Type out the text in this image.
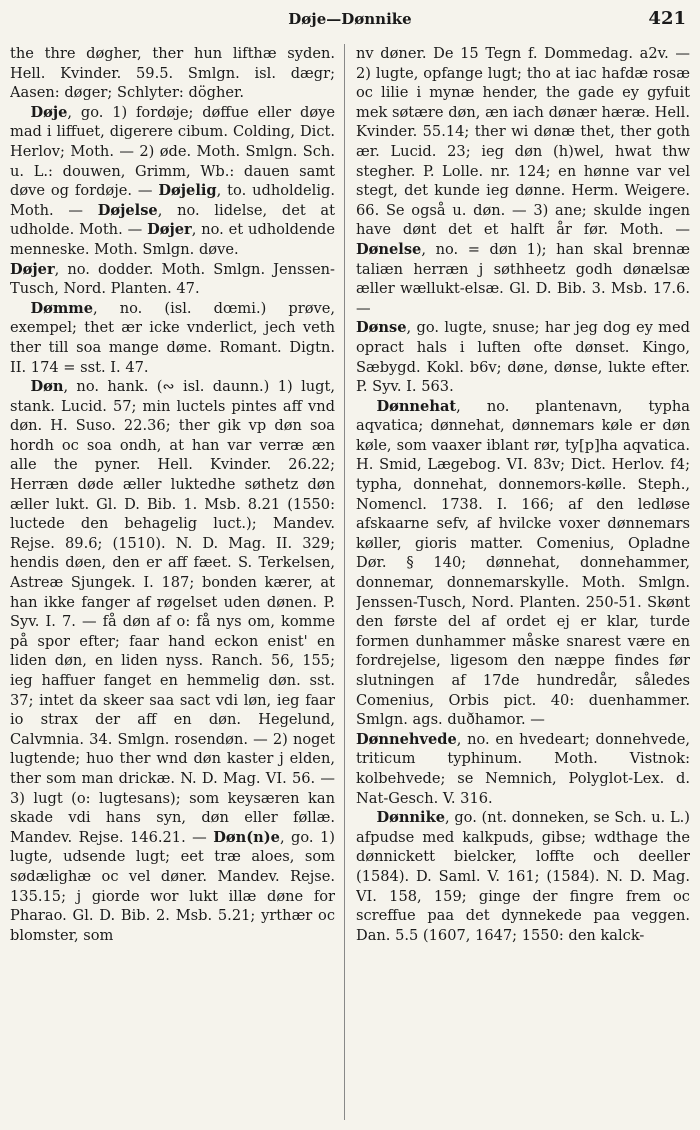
Døje—Dønnike	421

the thre døgher, ther hun lifthæ syden. Hell. Kvinder. 59.5. Smlgn. isl. dægr; Aasen: døger; Schlyter: dögher.

Døje, go. 1) fordøje; døffue eller døye mad i liffuet, digerere cibum. Colding, Dict. Herlov; Moth. — 2) øde. Moth. Smlgn. Sch. u. L.: douwen, Grimm, Wb.: dauen samt døve og fordøje. — Døjelig, to. udholdelig. Moth. — Døjelse, no. lidelse, det at udholde. Moth. — Døjer, no. et udholdende menneske. Moth. Smlgn. døve.

Døjer, no. dodder. Moth. Smlgn. Jenssen-Tusch, Nord. Planten. 47.

Dømme, no. (isl. dœmi.) prøve, exempel; thet ær icke vnderlict, jech veth ther till soa mange døme. Romant. Digtn. II. 174 = sst. I. 47.

Døn, no. hank. (∾ isl. daunn.) 1) lugt, stank. Lucid. 57; min luctels pintes aff vnd døn. H. Suso. 22.36; ther gik vp døn soa hordh oc soa ondh, at han var verræ æn alle the pyner. Hell. Kvinder. 26.22; Herræn døde æller luktedhe søthetz døn æller lukt. Gl. D. Bib. 1. Msb. 8.21 (1550: luctede den behagelig luct.); Mandev. Rejse. 89.6; (1510). N. D. Mag. II. 329; hendis døen, den er aff fæet. S. Terkelsen, Astreæ Sjungek. I. 187; bonden kærer, at han ikke fanger af røgelset uden dønen. P. Syv. I. 7. — få døn af o: få nys om, komme på spor efter; faar hand eckon enist' en liden døn, en liden nyss. Ranch. 56, 155; ieg haffuer fanget en hemmelig døn. sst. 37; intet da skeer saa sact vdi løn, ieg faar io strax der aff en døn. Hegelund, Calvmnia. 34. Smlgn. rosendøn. — 2) noget lugtende; huo ther wnd døn kaster j elden, ther som man drickæ. N. D. Mag. VI. 56. — 3) lugt (o: lugtesans); som keysæren kan skade vdi hans syn, døn eller føllæ. Mandev. Rejse. 146.21. — Døn(n)e, go. 1) lugte, udsende lugt; eet træ aloes, som sødælighæ oc vel døner. Mandev. Rejse. 135.15; j giorde wor lukt illæ døne for Pharao. Gl. D. Bib. 2. Msb. 5.21; yrthær oc blomster, som

nv døner. De 15 Tegn f. Dommedag. a2v. — 2) lugte, opfange lugt; tho at iac hafdæ rosæ oc lilie i mynæ hender, the gade ey gyfuit mek søtære døn, æn iach dønær hæræ. Hell. Kvinder. 55.14; ther wi dønæ thet, ther goth ær. Lucid. 23; ieg døn (h)wel, hwat thw stegher. P. Lolle. nr. 124; en hønne var vel stegt, det kunde ieg dønne. Herm. Weigere. 66. Se også u. døn. — 3) ane; skulde ingen have dønt det et halft år før. Moth. — Dønelse, no. = døn 1); han skal brennæ taliæn herræn j søthheetz godh dønælsæ æller wællukt-elsæ. Gl. D. Bib. 3. Msb. 17.6. —

Dønse, go. lugte, snuse; har jeg dog ey med opract hals i luften ofte dønset. Kingo, Sæbygd. Kokl. b6v; døne, dønse, lukte efter. P. Syv. I. 563.

Dønnehat, no. plantenavn, typha aqvatica; dønnehat, dønnemars køle er døn køle, som vaaxer iblant rør, ty[p]ha aqvatica. H. Smid, Lægebog. VI. 83v; Dict. Herlov. f4; typha, donnehat, donnemors-kølle. Steph., Nomencl. 1738. I. 166; af den ledløse afskaarne sefv, af hvilcke voxer dønnemars køller, gioris matter. Comenius, Opladne Dør. § 140; dønnehat, donnehammer, donnemar, donnemarskylle. Moth. Smlgn. Jenssen-Tusch, Nord. Planten. 250-51. Skønt den første del af ordet ej er klar, turde formen dunhammer måske snarest være en fordrejelse, ligesom den næppe findes før slutningen af 17de hundredår, således Comenius, Orbis pict. 40: duenhammer. Smlgn. ags. duðhamor. —

Dønnehvede, no. en hvedeart; donnehvede, triticum typhinum. Moth. Vistnok: kolbehvede; se Nemnich, Polyglot-Lex. d. Nat-Gesch. V. 316.

Dønnike, go. (nt. donneken, se Sch. u. L.) afpudse med kalkpuds, gibse; wdthage the dønnickett bielcker, loffte och deeller (1584). D. Saml. V. 161; (1584). N. D. Mag. VI. 158, 159; ginge der fingre frem oc screffue paa det dynnekede paa veggen. Dan. 5.5 (1607, 1647; 1550: den kalck-
